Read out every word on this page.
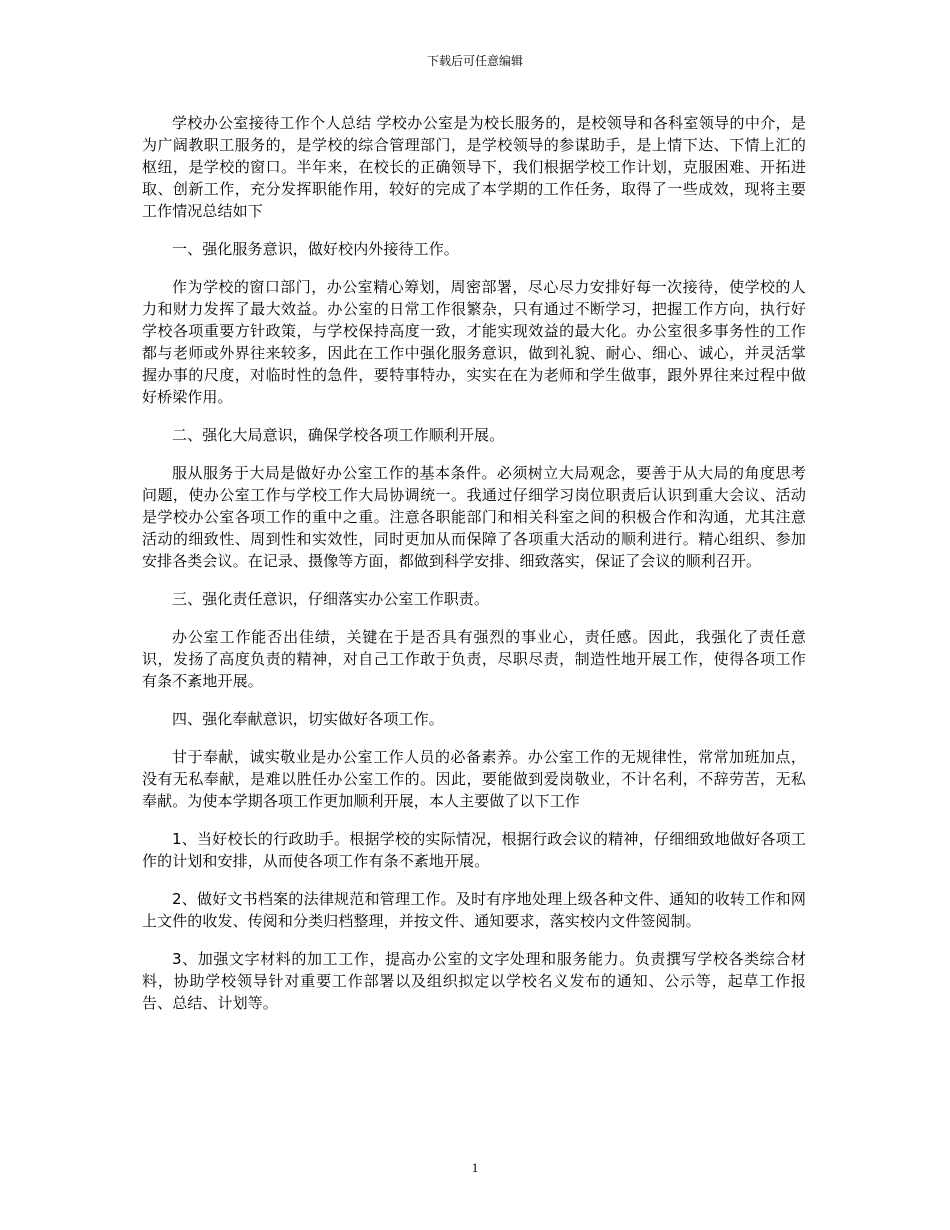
下载后可任意编辑

学校办公室接待工作个人总结 学校办公室是为校长服务的，是校领导和各科室领导的中介，是为广阔教职工服务的，是学校的综合管理部门，是学校领导的参谋助手，是上情下达、下情上汇的枢纽，是学校的窗口。半年来，在校长的正确领导下，我们根据学校工作计划，克服困难、开拓进取、创新工作，充分发挥职能作用，较好的完成了本学期的工作任务，取得了一些成效，现将主要工作情况总结如下

一、强化服务意识，做好校内外接待工作。

作为学校的窗口部门，办公室精心筹划，周密部署，尽心尽力安排好每一次接待，使学校的人力和财力发挥了最大效益。办公室的日常工作很繁杂，只有通过不断学习，把握工作方向，执行好学校各项重要方针政策，与学校保持高度一致，才能实现效益的最大化。办公室很多事务性的工作都与老师或外界往来较多，因此在工作中强化服务意识，做到礼貌、耐心、细心、诚心，并灵活掌握办事的尺度，对临时性的急件，要特事特办，实实在在为老师和学生做事，跟外界往来过程中做好桥梁作用。

二、强化大局意识，确保学校各项工作顺利开展。

服从服务于大局是做好办公室工作的基本条件。必须树立大局观念，要善于从大局的角度思考问题，使办公室工作与学校工作大局协调统一。我通过仔细学习岗位职责后认识到重大会议、活动是学校办公室各项工作的重中之重。注意各职能部门和相关科室之间的积极合作和沟通，尤其注意活动的细致性、周到性和实效性，同时更加从而保障了各项重大活动的顺利进行。精心组织、参加安排各类会议。在记录、摄像等方面，都做到科学安排、细致落实，保证了会议的顺利召开。

三、强化责任意识，仔细落实办公室工作职责。

办公室工作能否出佳绩，关键在于是否具有强烈的事业心，责任感。因此，我强化了责任意识，发扬了高度负责的精神，对自己工作敢于负责，尽职尽责，制造性地开展工作，使得各项工作有条不紊地开展。

四、强化奉献意识，切实做好各项工作。

甘于奉献，诚实敬业是办公室工作人员的必备素养。办公室工作的无规律性，常常加班加点，没有无私奉献，是难以胜任办公室工作的。因此，要能做到爱岗敬业，不计名利，不辞劳苦，无私奉献。为使本学期各项工作更加顺利开展，本人主要做了以下工作

1、当好校长的行政助手。根据学校的实际情况，根据行政会议的精神，仔细细致地做好各项工作的计划和安排，从而使各项工作有条不紊地开展。

2、做好文书档案的法律规范和管理工作。及时有序地处理上级各种文件、通知的收转工作和网上文件的收发、传阅和分类归档整理，并按文件、通知要求，落实校内文件签阅制。

3、加强文字材料的加工工作，提高办公室的文字处理和服务能力。负责撰写学校各类综合材料，协助学校领导针对重要工作部署以及组织拟定以学校名义发布的通知、公示等，起草工作报告、总结、计划等。

1
